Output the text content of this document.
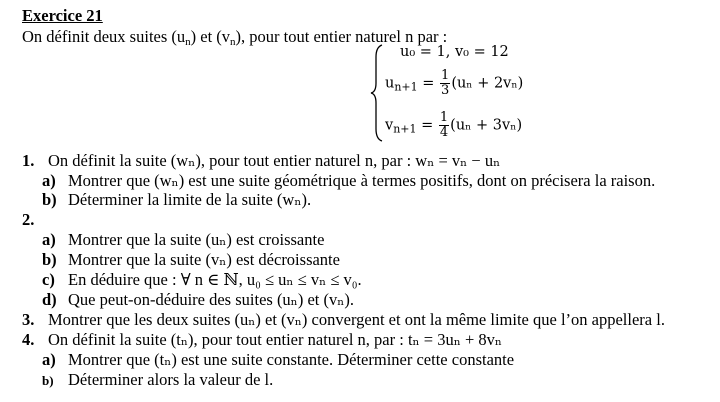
Exercice 21
On définit deux suites $(u_n)$ et $(v_n)$, pour tout entier naturel n par :
u₀ = 1, v₀ = 12
$u_{n+1} = \frac{1}{3} (u_n + 2v_n)$
$v_{n+1} = \frac{1}{4} (u_n + 3v_n)$
1. On définit la suite (wₙ), pour tout entier naturel n, par : wₙ = vₙ − uₙ
a) Montrer que (wₙ) est une suite géométrique à termes positifs, dont on précisera la raison.
b) Déterminer la limite de la suite (wₙ).
2.
a) Montrer que la suite (uₙ) est croissante
b) Montrer que la suite (vₙ) est décroissante
c) En déduire que : ∀ n ∈ ℕ, u₀ ≤ uₙ ≤ vₙ ≤ v₀.
d) Que peut-on-déduire des suites (uₙ) et (vₙ).
3. Montrer que les deux suites (uₙ) et (vₙ) convergent et ont la même limite que l’on appellera l.
4. On définit la suite (tₙ), pour tout entier naturel n, par : tₙ = 3uₙ + 8vₙ
a) Montrer que (tₙ) est une suite constante. Déterminer cette constante
b) Déterminer alors la valeur de l.
